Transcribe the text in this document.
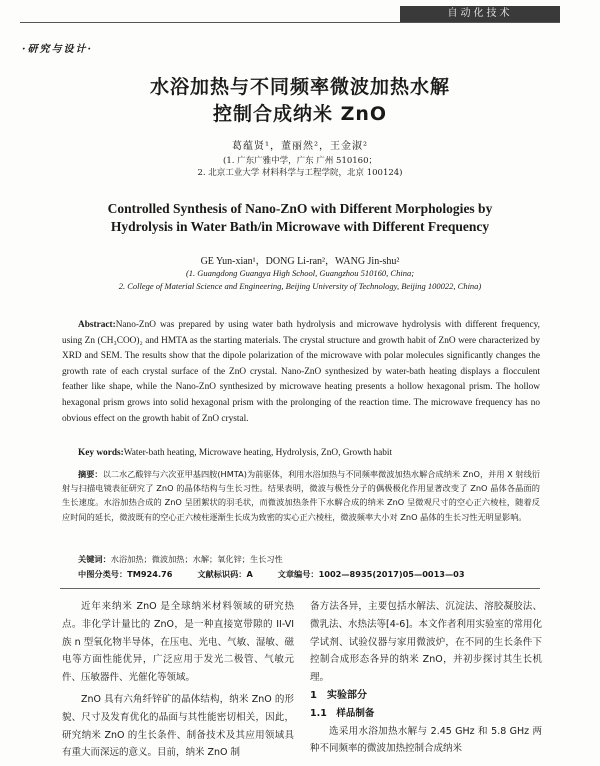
自动化技术
·研究与设计·
水浴加热与不同频率微波加热水解
控制合成纳米 ZnO
葛蕴贤¹，董丽然²，王金淑²
(1. 广东广雅中学，广东 广州 510160；
2. 北京工业大学 材料科学与工程学院，北京 100124)
Controlled Synthesis of Nano-ZnO with Different Morphologies by
Hydrolysis in Water Bath/in Microwave with Different Frequency
GE Yun-xian¹，DONG Li-ran²，WANG Jin-shu²
(1. Guangdong Guangya High School, Guangzhou 510160, China;
2. College of Material Science and Engineering, Beijing University of Technology, Beijing 100022, China)
Abstract:Nano-ZnO was prepared by using water bath hydrolysis and microwave hydrolysis with different frequency, using Zn (CH₃COO)₂ and HMTA as the starting materials. The crystal structure and growth habit of ZnO were characterized by XRD and SEM. The results show that the dipole polarization of the microwave with polar molecules significantly changes the growth rate of each crystal surface of the ZnO crystal. Nano-ZnO synthesized by water-bath heating displays a flocculent feather like shape, while the Nano-ZnO synthesized by microwave heating presents a hollow hexagonal prism. The hollow hexagonal prism grows into solid hexagonal prism with the prolonging of the reaction time. The microwave frequency has no obvious effect on the growth habit of ZnO crystal.
Key words:Water-bath heating, Microwave heating, Hydrolysis, ZnO, Growth habit
摘要：以二水乙酸锌与六次亚甲基四胺(HMTA)为前驱体，利用水浴加热与不同频率微波加热水解合成纳米 ZnO，并用 X 射线衍射与扫描电镜表征研究了 ZnO 的晶体结构与生长习性。结果表明，微波与极性分子的偶极极化作用显著改变了 ZnO 晶体各晶面的生长速度。水浴加热合成的 ZnO 呈团絮状的羽毛状，而微波加热条件下水解合成的纳米 ZnO 呈微观尺寸的空心正六棱柱，随着反应时间的延长，微波既有的空心正六棱柱逐渐生长成为致密的实心正六棱柱，微波频率大小对 ZnO 晶体的生长习性无明显影响。
关键词：水浴加热；微波加热；水解；氧化锌；生长习性
中图分类号：TM924.76	文献标识码：A	文章编号：1002—8935(2017)05—0013—03

近年来纳米 ZnO 是全球纳米材料领域的研究热点。非化学计量比的 ZnO，是一种直接宽带隙的 II-VI 族 n 型氧化物半导体，在压电、光电、气敏、湿敏、磁电等方面性能优异，广泛应用于发光二极管、气敏元件、压敏器件、光催化等领域。

ZnO 具有六角纤锌矿的晶体结构，纳米 ZnO 的形貌、尺寸及发育优化的晶面与其性能密切相关，因此，研究纳米 ZnO 的生长条件、制备技术及其应用领域具有重大而深远的意义。目前，纳米 ZnO 制

备方法各异，主要包括水解法、沉淀法、溶胶凝胶法、微乳法、水热法等[4-6]。本文作者利用实验室的常用化学试剂、试验仪器与家用微波炉，在不同的生长条件下控制合成形态各异的纳米 ZnO，并初步探讨其生长机理。

1　实验部分

1.1　样品制备

选采用水浴加热水解与 2.45 GHz 和 5.8 GHz 两种不同频率的微波加热控制合成纳米
